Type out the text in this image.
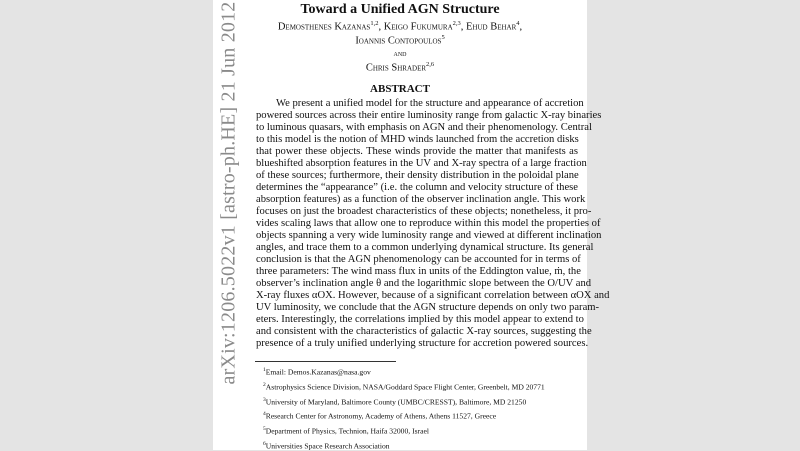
arXiv:1206.5022v1 [astro-ph.HE] 21 Jun 2012	Toward a Unified AGN Structure
Demosthenes Kazanas$^{1,2}$, Keigo Fukumura$^{2,3}$, Ehud Behar$^4$,
Ioannis Contopoulos$^5$
and
Chris Shrader$^{2,6}$
ABSTRACT
We present a unified model for the structure and appearance of accretion
powered sources across their entire luminosity range from galactic X-ray binaries
to luminous quasars, with emphasis on AGN and their phenomenology. Central
to this model is the notion of MHD winds launched from the accretion disks
that power these objects. These winds provide the matter that manifests as
blueshifted absorption features in the UV and X-ray spectra of a large fraction
of these sources; furthermore, their density distribution in the poloidal plane
determines the “appearance” (i.e. the column and velocity structure of these
absorption features) as a function of the observer inclination angle. This work
focuses on just the broadest characteristics of these objects; nonetheless, it pro-
vides scaling laws that allow one to reproduce within this model the properties of
objects spanning a very wide luminosity range and viewed at different inclination
angles, and trace them to a common underlying dynamical structure. Its general
conclusion is that the AGN phenomenology can be accounted for in terms of
three parameters: The wind mass flux in units of the Eddington value, ṁ, the
observer’s inclination angle θ and the logarithmic slope between the O/UV and
X-ray fluxes αOX. However, because of a significant correlation between αOX and
UV luminosity, we conclude that the AGN structure depends on only two param-
eters. Interestingly, the correlations implied by this model appear to extend to
and consistent with the characteristics of galactic X-ray sources, suggesting the
presence of a truly unified underlying structure for accretion powered sources.
$^1$Email: Demos.Kazanas@nasa.gov
$^2$Astrophysics Science Division, NASA/Goddard Space Flight Center, Greenbelt, MD 20771
$^3$University of Maryland, Baltimore County (UMBC/CRESST), Baltimore, MD 21250
$^4$Research Center for Astronomy, Academy of Athens, Athens 11527, Greece
$^5$Department of Physics, Technion, Haifa 32000, Israel
$^6$Universities Space Research Association
